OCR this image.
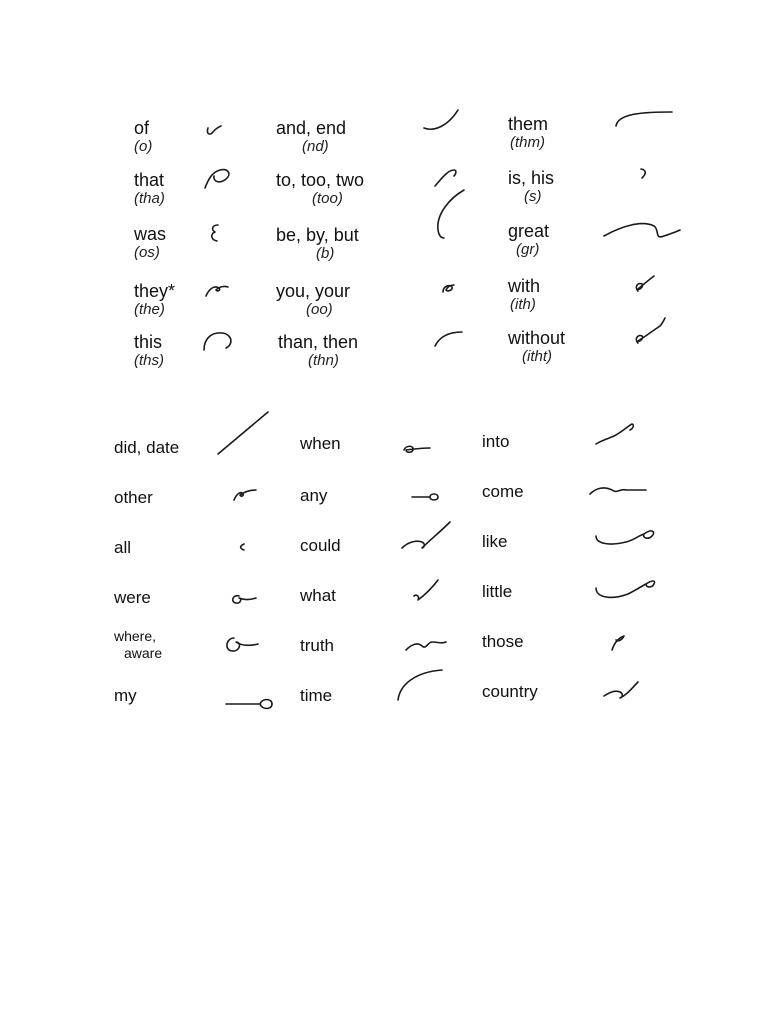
of
(o)
that
(tha)
was
(os)
they*
(the)
this
(ths)
and, end
(nd)
to, too, two
(too)
be, by, but
(b)
you, your
(oo)
than, then
(thn)
them
(thm)
is, his
(s)
great
(gr)
with
(ith)
without
(itht)
did, date
other
all
were
where,
aware
my
when
any
could
what
truth
time
into
come
like
little
those
country
